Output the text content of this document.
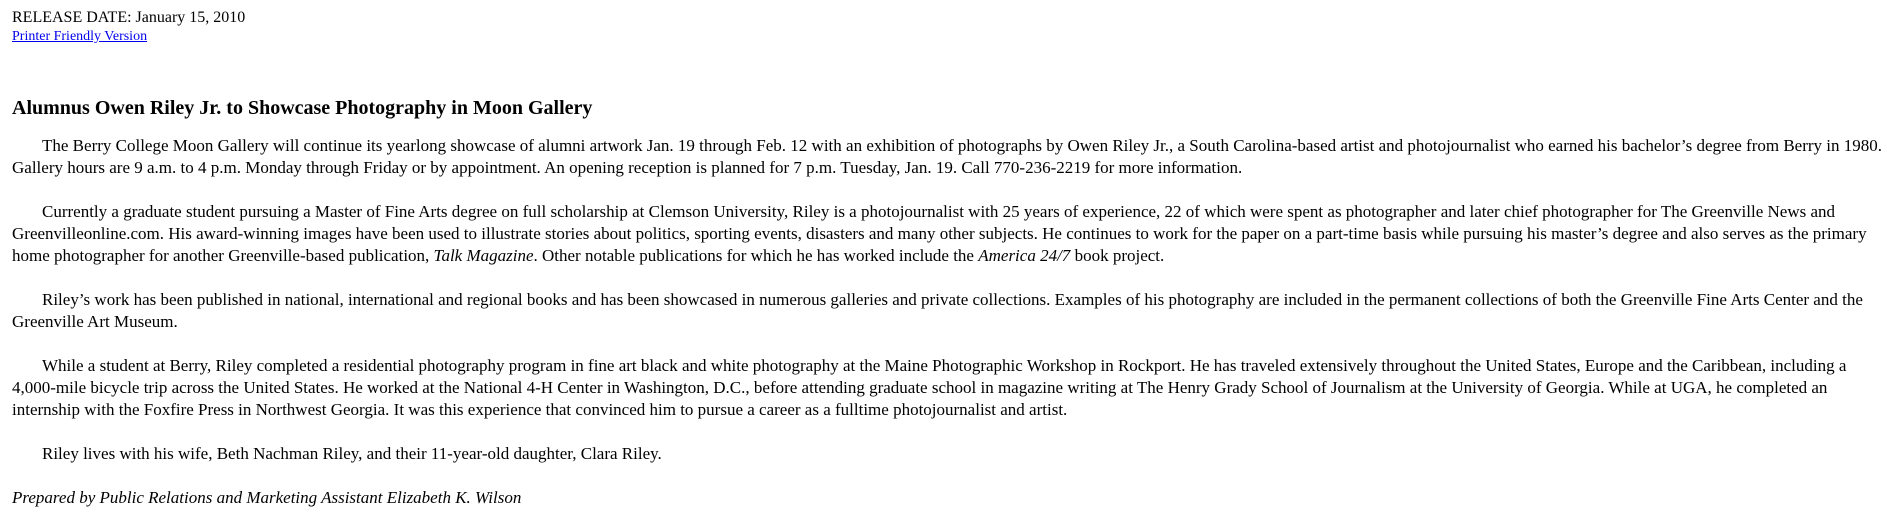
RELEASE DATE: January 15, 2010
Printer Friendly Version
Alumnus Owen Riley Jr. to Showcase Photography in Moon Gallery

The Berry College Moon Gallery will continue its yearlong showcase of alumni artwork Jan. 19 through Feb. 12 with an exhibition of photographs by Owen Riley Jr., a South Carolina-based artist and photojournalist who earned his bachelor’s degree from Berry in 1980. Gallery hours are 9 a.m. to 4 p.m. Monday through Friday or by appointment. An opening reception is planned for 7 p.m. Tuesday, Jan. 19. Call 770-236-2219 for more information.

Currently a graduate student pursuing a Master of Fine Arts degree on full scholarship at Clemson University, Riley is a photojournalist with 25 years of experience, 22 of which were spent as photographer and later chief photographer for The Greenville News and Greenvilleonline.com. His award-winning images have been used to illustrate stories about politics, sporting events, disasters and many other subjects. He continues to work for the paper on a part-time basis while pursuing his master’s degree and also serves as the primary home photographer for another Greenville-based publication, Talk Magazine. Other notable publications for which he has worked include the America 24/7 book project.

Riley’s work has been published in national, international and regional books and has been showcased in numerous galleries and private collections. Examples of his photography are included in the permanent collections of both the Greenville Fine Arts Center and the Greenville Art Museum.

While a student at Berry, Riley completed a residential photography program in fine art black and white photography at the Maine Photographic Workshop in Rockport. He has traveled extensively throughout the United States, Europe and the Caribbean, including a 4,000-mile bicycle trip across the United States. He worked at the National 4-H Center in Washington, D.C., before attending graduate school in magazine writing at The Henry Grady School of Journalism at the University of Georgia. While at UGA, he completed an internship with the Foxfire Press in Northwest Georgia. It was this experience that convinced him to pursue a career as a fulltime photojournalist and artist.

Riley lives with his wife, Beth Nachman Riley, and their 11-year-old daughter, Clara Riley.

Prepared by Public Relations and Marketing Assistant Elizabeth K. Wilson
